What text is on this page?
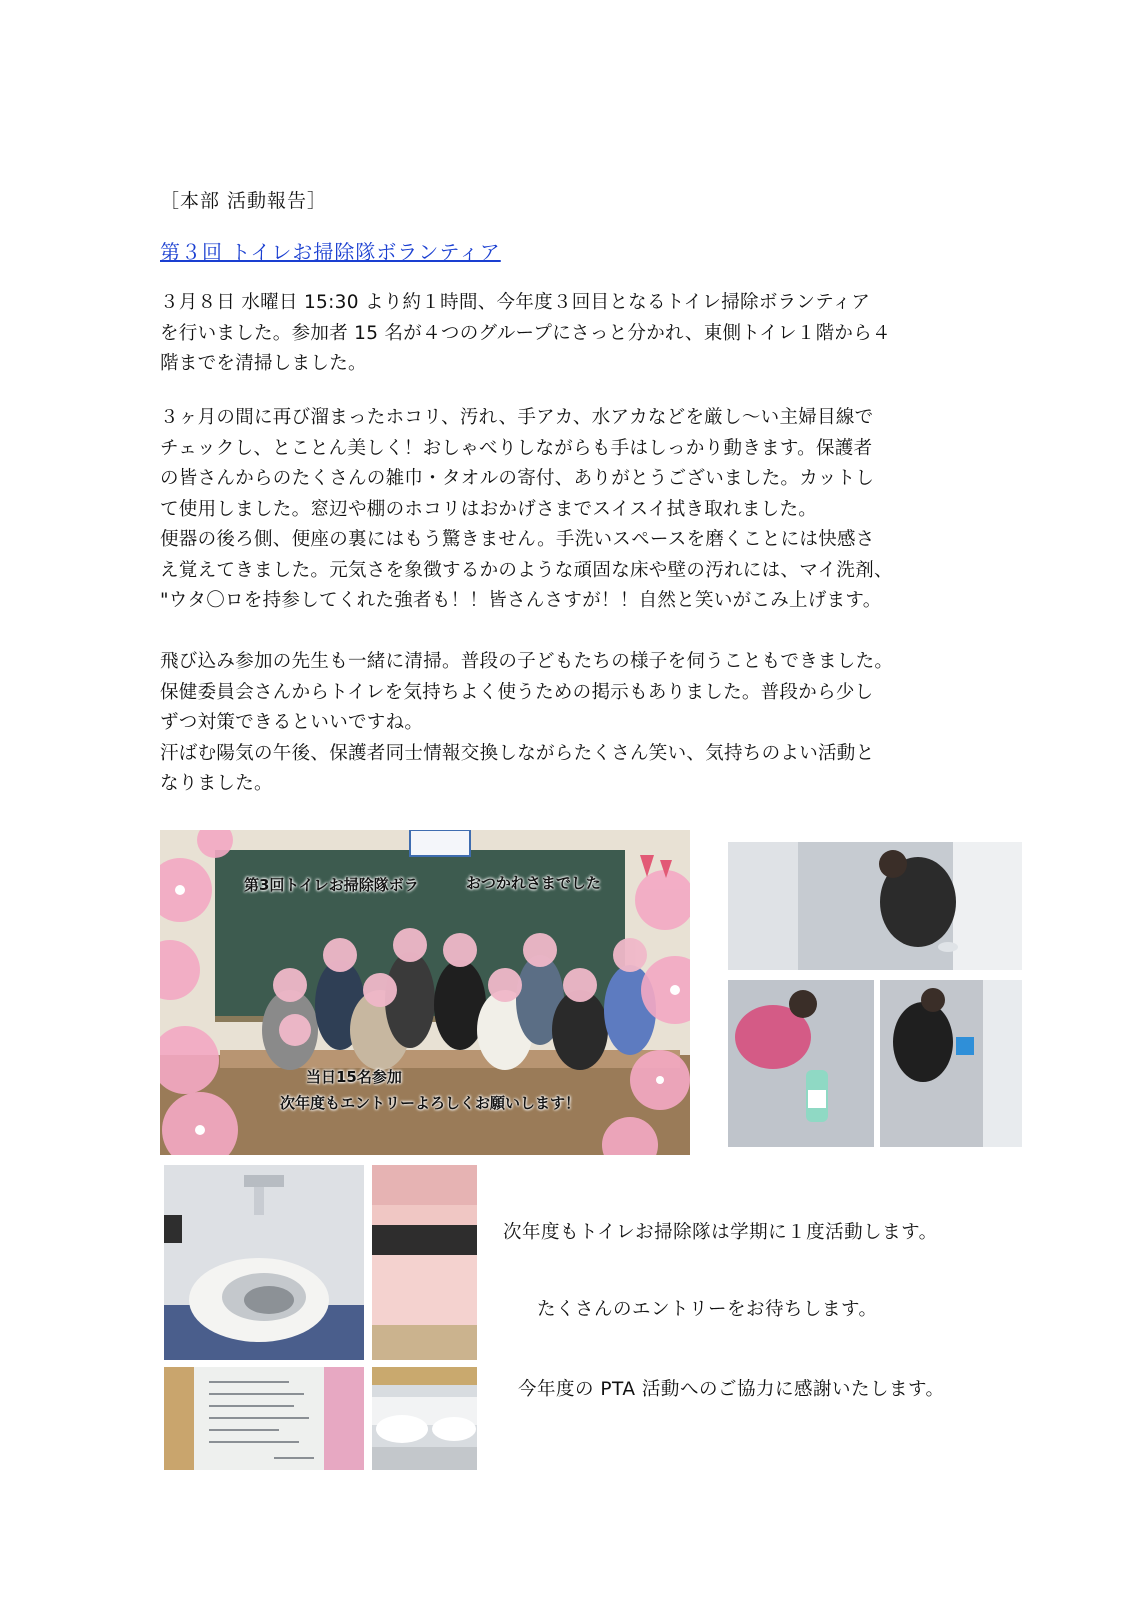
［本部 活動報告］
第３回 トイレお掃除隊ボランティア

３月８日 水曜日 15:30 より約１時間、今年度３回目となるトイレ掃除ボランティア

を行いました。参加者 15 名が４つのグループにさっと分かれ、東側トイレ１階から４

階までを清掃しました。

３ヶ月の間に再び溜まったホコリ、汚れ、手アカ、水アカなどを厳し～い主婦目線で

チェックし、とことん美しく！おしゃべりしながらも手はしっかり動きます。保護者

の皆さんからのたくさんの雑巾・タオルの寄付、ありがとうございました。カットし

て使用しました。窓辺や棚のホコリはおかげさまでスイスイ拭き取れました。

便器の後ろ側、便座の裏にはもう驚きません。手洗いスペースを磨くことには快感さ

え覚えてきました。元気さを象徴するかのような頑固な床や壁の汚れには、マイ洗剤、

"ウタ〇ロを持参してくれた強者も！！皆さんさすが！！自然と笑いがこみ上げます。

飛び込み参加の先生も一緒に清掃。普段の子どもたちの様子を伺うこともできました。

保健委員会さんからトイレを気持ちよく使うための掲示もありました。普段から少し

ずつ対策できるといいですね。

汗ばむ陽気の午後、保護者同士情報交換しながらたくさん笑い、気持ちのよい活動と

なりました。

第3回トイレお掃除隊ボラ	おつかれさまでした
当日15名参加
次年度もエントリーよろしくお願いします！
次年度もトイレお掃除隊は学期に１度活動します。
たくさんのエントリーをお待ちします。
今年度の PTA 活動へのご協力に感謝いたします。
